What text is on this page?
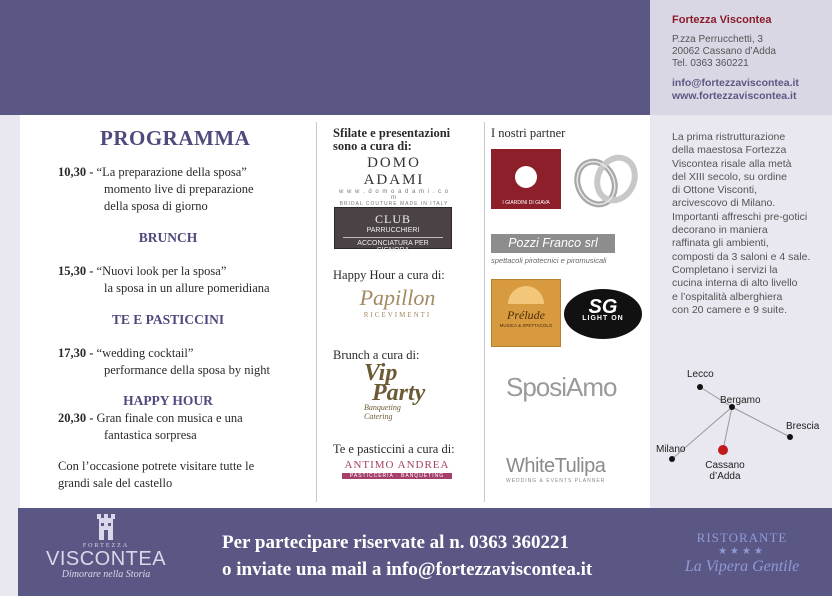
Fortezza Viscontea
P.zza Perrucchetti, 3
20062 Cassano d’Adda
Tel. 0363 360221
info@fortezzaviscontea.it
www.fortezzaviscontea.it
PROGRAMMA
10,30 - “La preparazione della sposa”
momento live di preparazione
della sposa di giorno
BRUNCH
15,30 - “Nuovi look per la sposa”
la sposa in un allure pomeridiana
TE E PASTICCINI
17,30 - “wedding cocktail”
performance della sposa by night
HAPPY HOUR
20,30 - Gran finale con musica e una
fantastica sorpresa
Con l’occasione potrete visitare tutte le
grandi sale del castello
Sfilate e presentazioni
sono a cura di:
DOMO ADAMI
w w w . d o m o a d a m i . c o m
BRIDAL COUTURE MADE IN ITALY
CLUB
PARRUCCHIERI
ACCONCIATURA PER SIGNORA
Happy Hour a cura di:
Papillon
RICEVIMENTI
Brunch a cura di:
Vip
Party
Banqueting
Catering
Te e pasticcini a cura di:
ANTIMO ANDREA
PASTICCERIA · BANQUETING
I nostri partner
I GIARDINI DI GIAVA
Pozzi Franco srl
spettacoli pirotecnici e piromusicali
Prélude
MUSICA & SPETTACOLO
SG
LIGHT ON
SposiAmo
WhiteTulipa
WEDDING & EVENTS PLANNER
La prima ristrutturazione
della maestosa Fortezza
Viscontea risale alla metà
del XIII secolo, su ordine
di Ottone Visconti,
arcivescovo di Milano.
Importanti affreschi pre-gotici
decorano in maniera
raffinata gli ambienti,
composti da 3 saloni e 4 sale.
Completano i servizi la
cucina interna di alto livello
e l’ospitalità alberghiera
con 20 camere e 9 suite.
Lecco
Bergamo
Brescia
Milano
Cassano
d’Adda
FORTEZZA
VISCONTEA
Dimorare nella Storia
Per partecipare riservate al n. 0363 360221
o inviate una mail a info@fortezzaviscontea.it
RISTORANTE
★★★★
La Vipera Gentile
